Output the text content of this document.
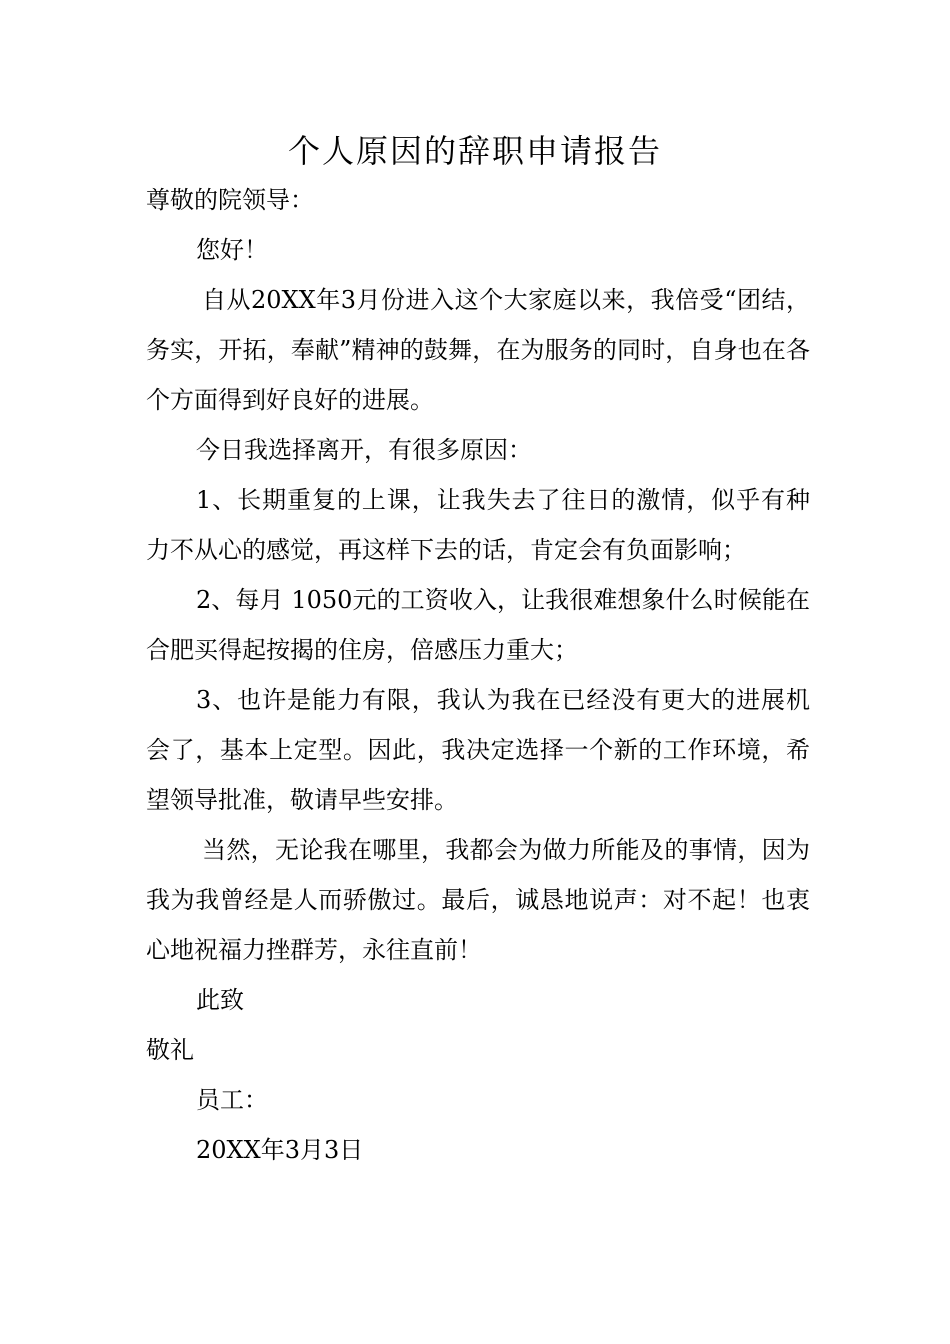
个人原因的辞职申请报告

尊敬的院领导：

您好！

自从20XX年3月份进入这个大家庭以来，我倍受“团结，务实，开拓，奉献”精神的鼓舞，在为服务的同时，自身也在各个方面得到好良好的进展。

今日我选择离开，有很多原因：

1、长期重复的上课，让我失去了往日的激情，似乎有种力不从心的感觉，再这样下去的话，肯定会有负面影响；

2、每月 1050元的工资收入，让我很难想象什么时候能在合肥买得起按揭的住房，倍感压力重大；

3、也许是能力有限，我认为我在已经没有更大的进展机会了，基本上定型。因此，我决定选择一个新的工作环境，希望领导批准，敬请早些安排。

当然，无论我在哪里，我都会为做力所能及的事情，因为我为我曾经是人而骄傲过。最后，诚恳地说声：对不起！也衷心地祝福力挫群芳，永往直前！

此致

敬礼

员工：

20XX年3月3日
